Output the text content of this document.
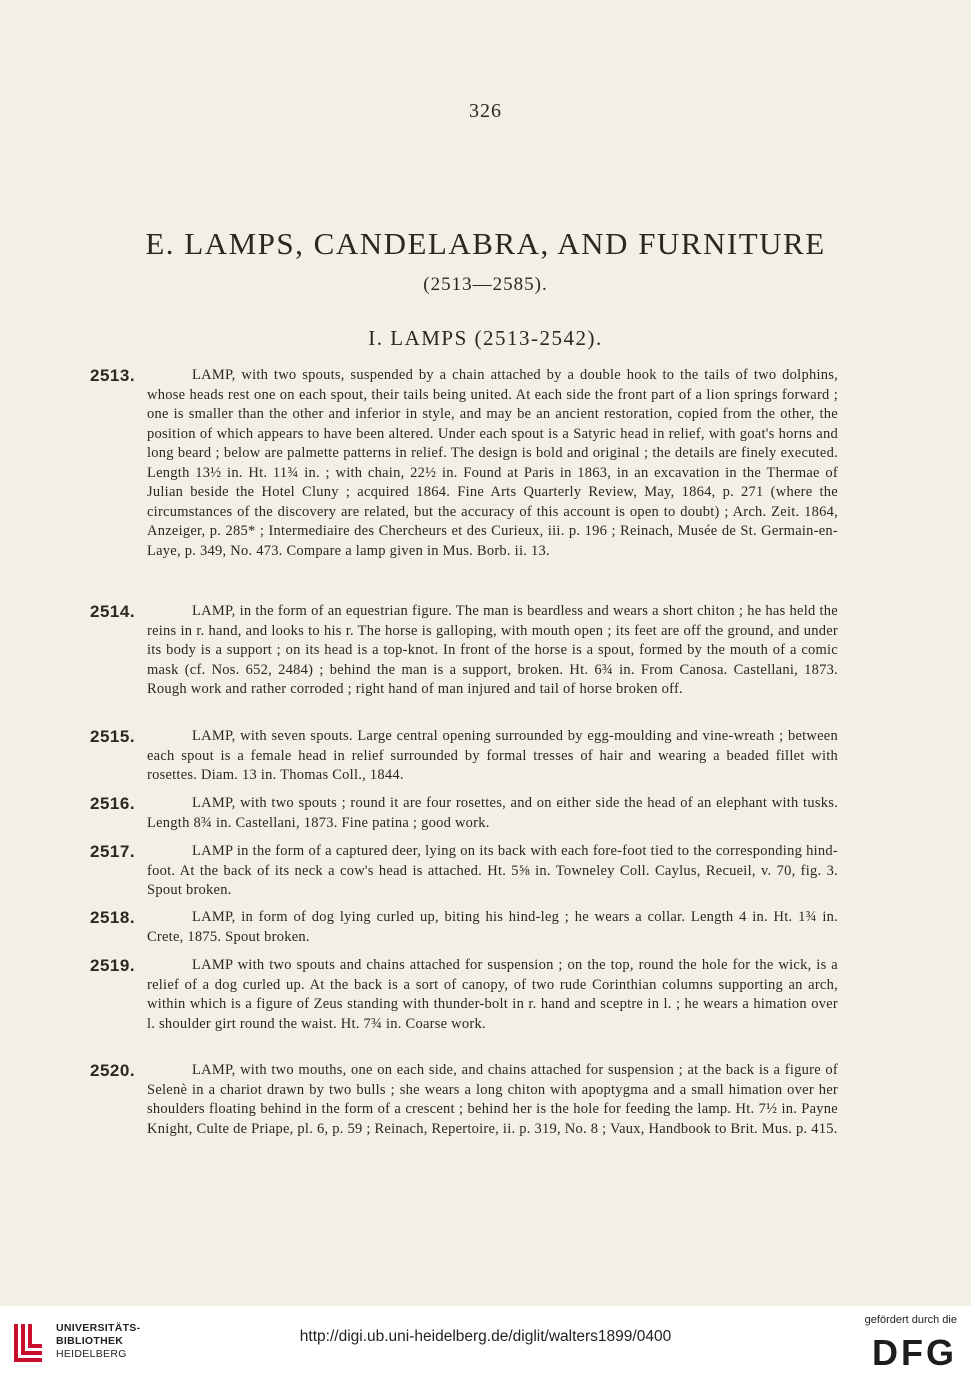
326
E. LAMPS, CANDELABRA, AND FURNITURE
(2513—2585).
I. LAMPS (2513-2542).
2513.	LAMP, with two spouts, suspended by a chain attached by a double hook to the tails of two dolphins, whose heads rest one on each spout, their tails being united. At each side the front part of a lion springs forward ; one is smaller than the other and inferior in style, and may be an ancient restoration, copied from the other, the position of which appears to have been altered. Under each spout is a Satyric head in relief, with goat's horns and long beard ; below are palmette patterns in relief. The design is bold and original ; the details are finely executed. Length 13½ in. Ht. 11¾ in. ; with chain, 22½ in. Found at Paris in 1863, in an excavation in the Thermae of Julian beside the Hotel Cluny ; acquired 1864. Fine Arts Quarterly Review, May, 1864, p. 271 (where the circumstances of the discovery are related, but the accuracy of this account is open to doubt) ; Arch. Zeit. 1864, Anzeiger, p. 285* ; Intermediaire des Chercheurs et des Curieux, iii. p. 196 ; Reinach, Musée de St. Germain-en-Laye, p. 349, No. 473. Compare a lamp given in Mus. Borb. ii. 13.
2514.	LAMP, in the form of an equestrian figure. The man is beardless and wears a short chiton ; he has held the reins in r. hand, and looks to his r. The horse is galloping, with mouth open ; its feet are off the ground, and under its body is a support ; on its head is a top-knot. In front of the horse is a spout, formed by the mouth of a comic mask (cf. Nos. 652, 2484) ; behind the man is a support, broken. Ht. 6¾ in. From Canosa. Castellani, 1873. Rough work and rather corroded ; right hand of man injured and tail of horse broken off.
2515.	LAMP, with seven spouts. Large central opening surrounded by egg-moulding and vine-wreath ; between each spout is a female head in relief surrounded by formal tresses of hair and wearing a beaded fillet with rosettes. Diam. 13 in. Thomas Coll., 1844.
2516.	LAMP, with two spouts ; round it are four rosettes, and on either side the head of an elephant with tusks. Length 8¾ in. Castellani, 1873. Fine patina ; good work.
2517.	LAMP in the form of a captured deer, lying on its back with each fore-foot tied to the corresponding hind-foot. At the back of its neck a cow's head is attached. Ht. 5⅝ in. Towneley Coll. Caylus, Recueil, v. 70, fig. 3. Spout broken.
2518.	LAMP, in form of dog lying curled up, biting his hind-leg ; he wears a collar. Length 4 in. Ht. 1¾ in. Crete, 1875. Spout broken.
2519.	LAMP with two spouts and chains attached for suspension ; on the top, round the hole for the wick, is a relief of a dog curled up. At the back is a sort of canopy, of two rude Corinthian columns supporting an arch, within which is a figure of Zeus standing with thunder-bolt in r. hand and sceptre in l. ; he wears a himation over l. shoulder girt round the waist. Ht. 7¾ in. Coarse work.
2520.	LAMP, with two mouths, one on each side, and chains attached for suspension ; at the back is a figure of Selenè in a chariot drawn by two bulls ; she wears a long chiton with apoptygma and a small himation over her shoulders floating behind in the form of a crescent ; behind her is the hole for feeding the lamp. Ht. 7½ in. Payne Knight, Culte de Priape, pl. 6, p. 59 ; Reinach, Repertoire, ii. p. 319, No. 8 ; Vaux, Handbook to Brit. Mus. p. 415.
UNIVERSITÄTS-
BIBLIOTHEK
HEIDELBERG
http://digi.ub.uni-heidelberg.de/diglit/walters1899/0400
gefördert durch die
DFG
